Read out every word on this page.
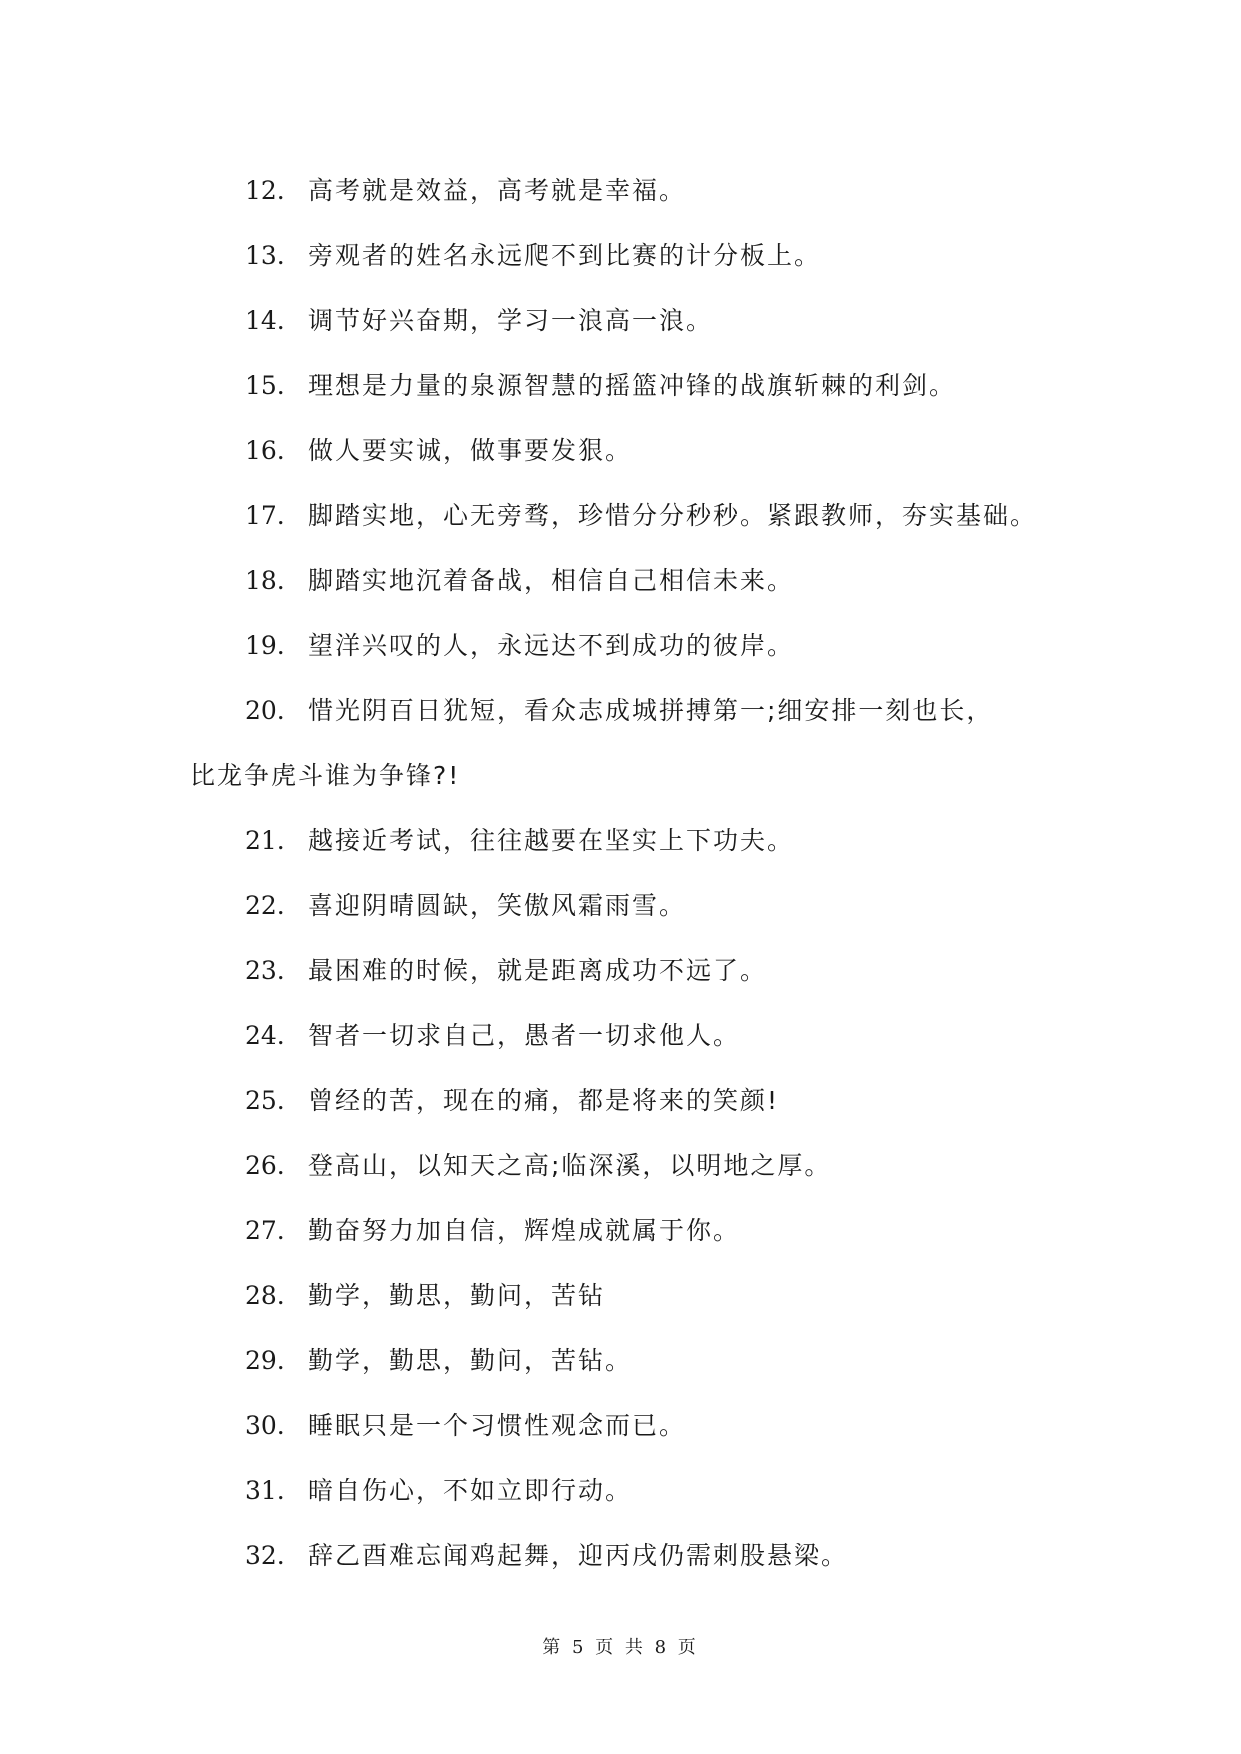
12. 高考就是效益，高考就是幸福。
13. 旁观者的姓名永远爬不到比赛的计分板上。
14. 调节好兴奋期，学习一浪高一浪。
15. 理想是力量的泉源智慧的摇篮冲锋的战旗斩棘的利剑。
16. 做人要实诚，做事要发狠。
17. 脚踏实地，心无旁骛，珍惜分分秒秒。紧跟教师，夯实基础。
18. 脚踏实地沉着备战，相信自己相信未来。
19. 望洋兴叹的人，永远达不到成功的彼岸。
20. 惜光阴百日犹短，看众志成城拼搏第一;细安排一刻也长，
比龙争虎斗谁为争锋?!
21. 越接近考试，往往越要在坚实上下功夫。
22. 喜迎阴晴圆缺，笑傲风霜雨雪。
23. 最困难的时候，就是距离成功不远了。
24. 智者一切求自己，愚者一切求他人。
25. 曾经的苦，现在的痛，都是将来的笑颜!
26. 登高山，以知天之高;临深溪，以明地之厚。
27. 勤奋努力加自信，辉煌成就属于你。
28. 勤学，勤思，勤问，苦钻
29. 勤学，勤思，勤问，苦钻。
30. 睡眠只是一个习惯性观念而已。
31. 暗自伤心，不如立即行动。
32. 辞乙酉难忘闻鸡起舞，迎丙戌仍需刺股悬梁。
第 5 页 共 8 页
